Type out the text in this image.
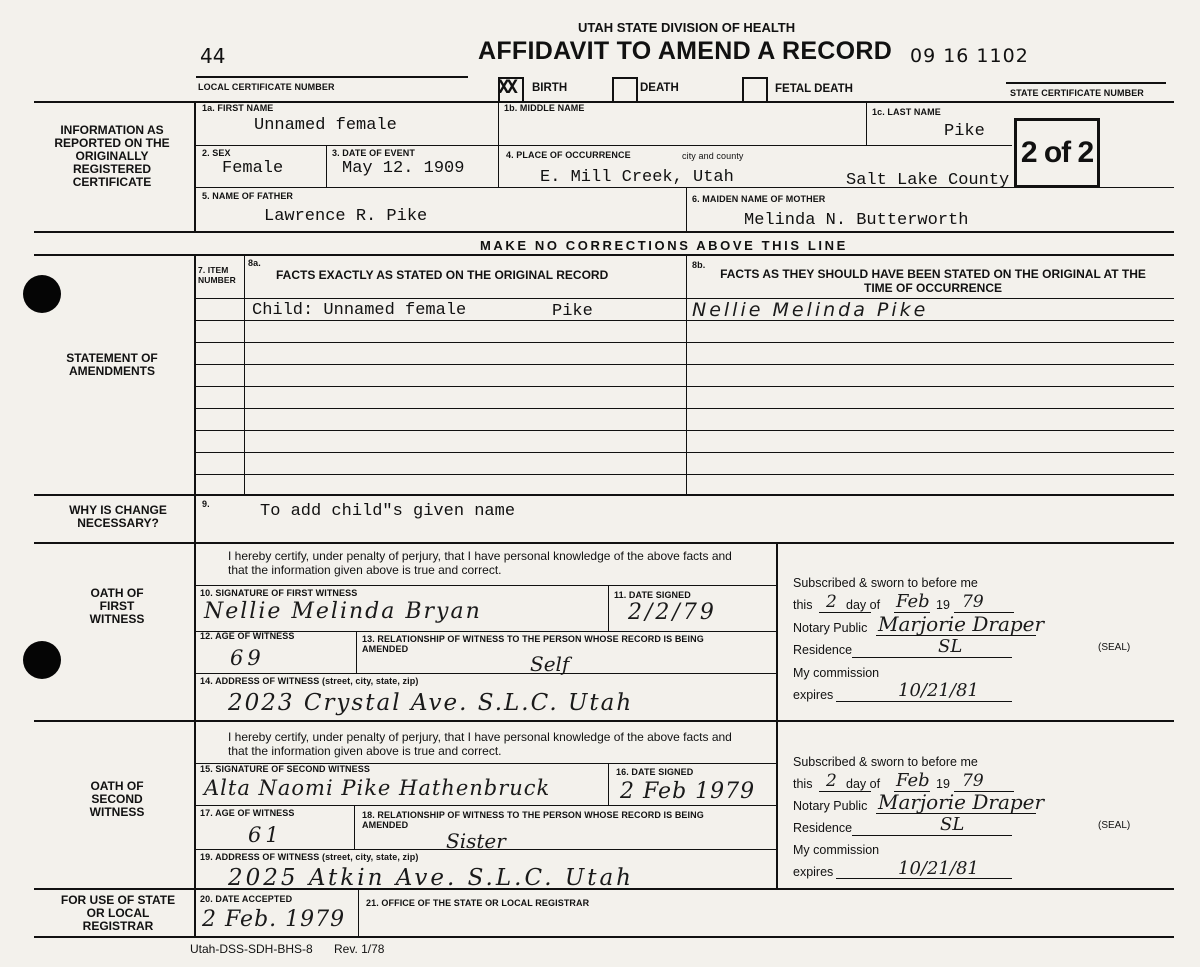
UTAH STATE DIVISION OF HEALTH
44	AFFIDAVIT TO AMEND A RECORD 09 16 1102
LOCAL CERTIFICATE NUMBER	XX BIRTH	DEATH	FETAL DEATH	STATE CERTIFICATE NUMBER
INFORMATION AS REPORTED ON THE ORIGINALLY REGISTERED CERTIFICATE
1a. FIRST NAME
Unnamed female
1b. MIDDLE NAME	1c. LAST NAME
Pike
2 of 2
2. SEX
Female
3. DATE OF EVENT
May 12. 1909
4. PLACE OF OCCURRENCE	city and county
E. Mill Creek, Utah	Salt Lake County
5. NAME OF FATHER
Lawrence R. Pike
6. MAIDEN NAME OF MOTHER
Melinda N. Butterworth
MAKE NO CORRECTIONS ABOVE THIS LINE
STATEMENT OF AMENDMENTS
7. ITEM NUMBER
8a.
FACTS EXACTLY AS STATED ON THE ORIGINAL RECORD
8b.
FACTS AS THEY SHOULD HAVE BEEN STATED ON THE ORIGINAL AT THE TIME OF OCCURRENCE
Child: Unnamed female	Pike	Nellie Melinda Pike
WHY IS CHANGE NECESSARY?
9.	To add child"s given name
OATH OF FIRST WITNESS
I hereby certify, under penalty of perjury, that I have personal knowledge of the above facts and that the information given above is true and correct.
10. SIGNATURE OF FIRST WITNESS
Nellie Melinda Bryan
11. DATE SIGNED
2/2/79
12. AGE OF WITNESS
69
13. RELATIONSHIP OF WITNESS TO THE PERSON WHOSE RECORD IS BEING AMENDED
Self
14. ADDRESS OF WITNESS (street, city, state, zip)
2023 Crystal Ave. S.L.C. Utah
Subscribed & sworn to before me
this 2 day of Feb 19 79
Notary Public Marjorie Draper
Residence	SL	(SEAL)
My commission
expires	10/21/81
OATH OF SECOND WITNESS
I hereby certify, under penalty of perjury, that I have personal knowledge of the above facts and that the information given above is true and correct.
15. SIGNATURE OF SECOND WITNESS
Alta Naomi Pike Hathenbruck
16. DATE SIGNED
2 Feb 1979
17. AGE OF WITNESS
61
18. RELATIONSHIP OF WITNESS TO THE PERSON WHOSE RECORD IS BEING AMENDED
Sister
19. ADDRESS OF WITNESS (street, city, state, zip)
2025 Atkin Ave. S.L.C. Utah
Subscribed & sworn to before me
this 2 day of Feb 19 79
Notary Public Marjorie Draper
Residence	SL	(SEAL)
My commission
expires	10/21/81
FOR USE OF STATE OR LOCAL REGISTRAR
20. DATE ACCEPTED
2 Feb. 1979
21. OFFICE OF THE STATE OR LOCAL REGISTRAR
Utah-DSS-SDH-BHS-8 Rev. 1/78
